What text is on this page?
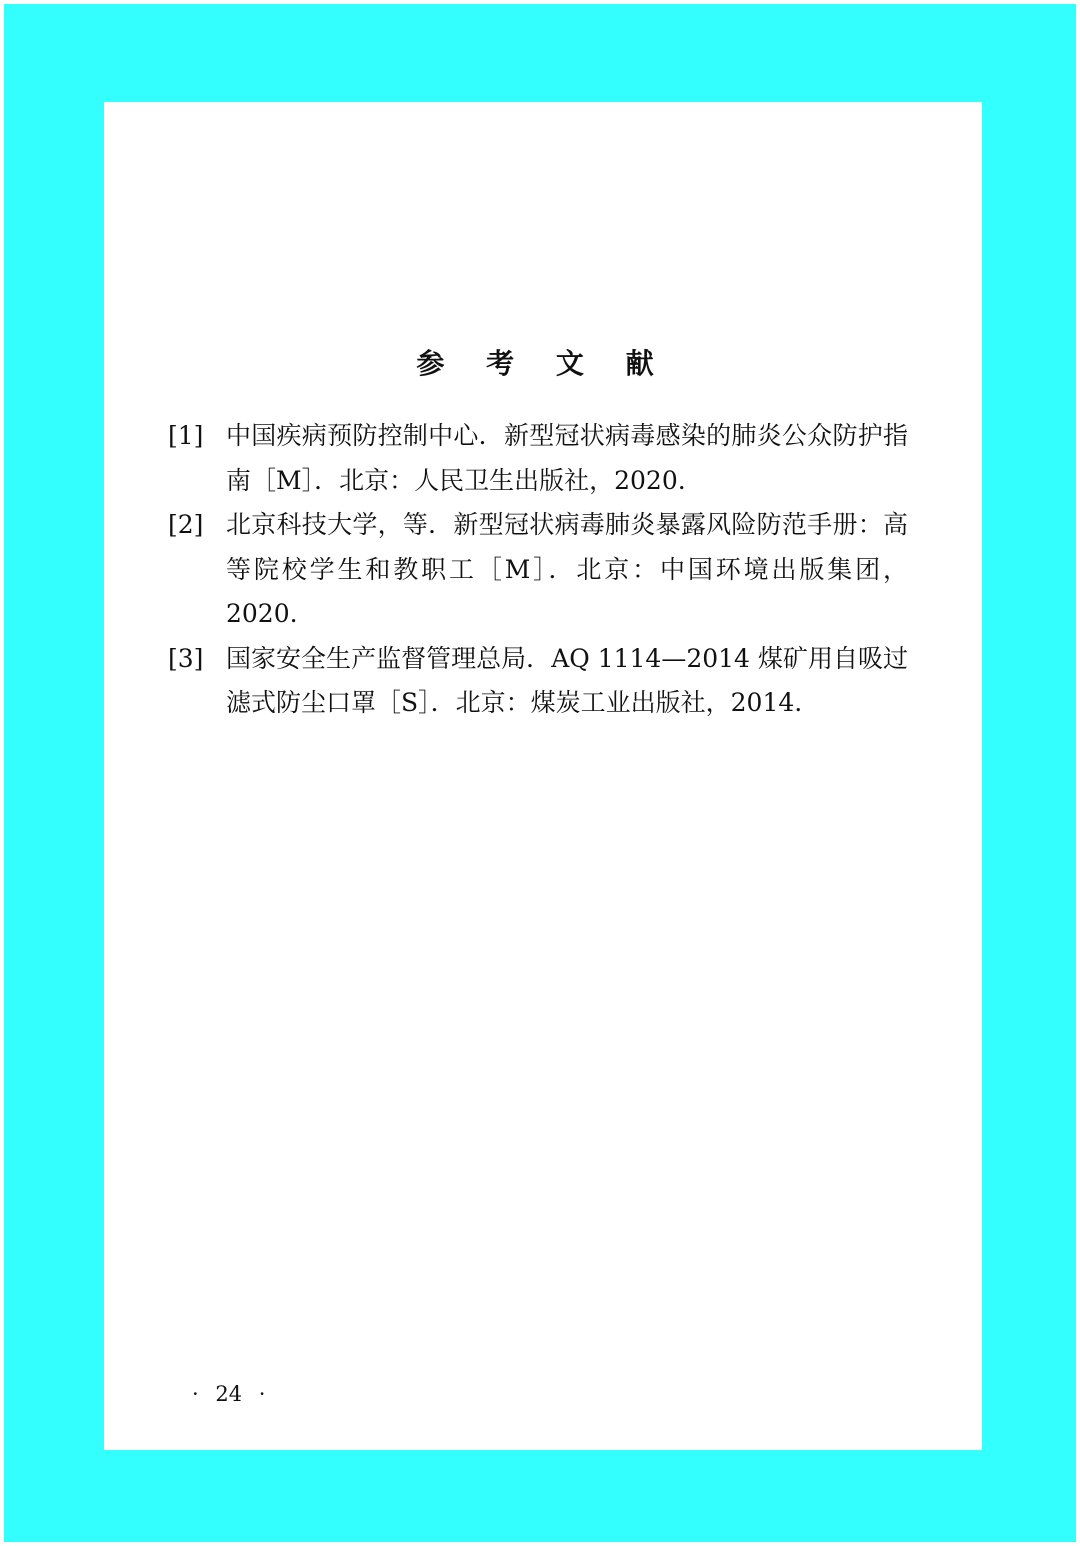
参 考 文 献
[1] 中国疾病预防控制中心．新型冠状病毒感染的肺炎公众防护指南［M］．北京：人民卫生出版社，2020.
[2] 北京科技大学，等．新型冠状病毒肺炎暴露风险防范手册：高等院校学生和教职工［M］．北京：中国环境出版集团，2020.
[3] 国家安全生产监督管理总局．AQ 1114—2014 煤矿用自吸过滤式防尘口罩［S］．北京：煤炭工业出版社，2014.
· 24 ·
